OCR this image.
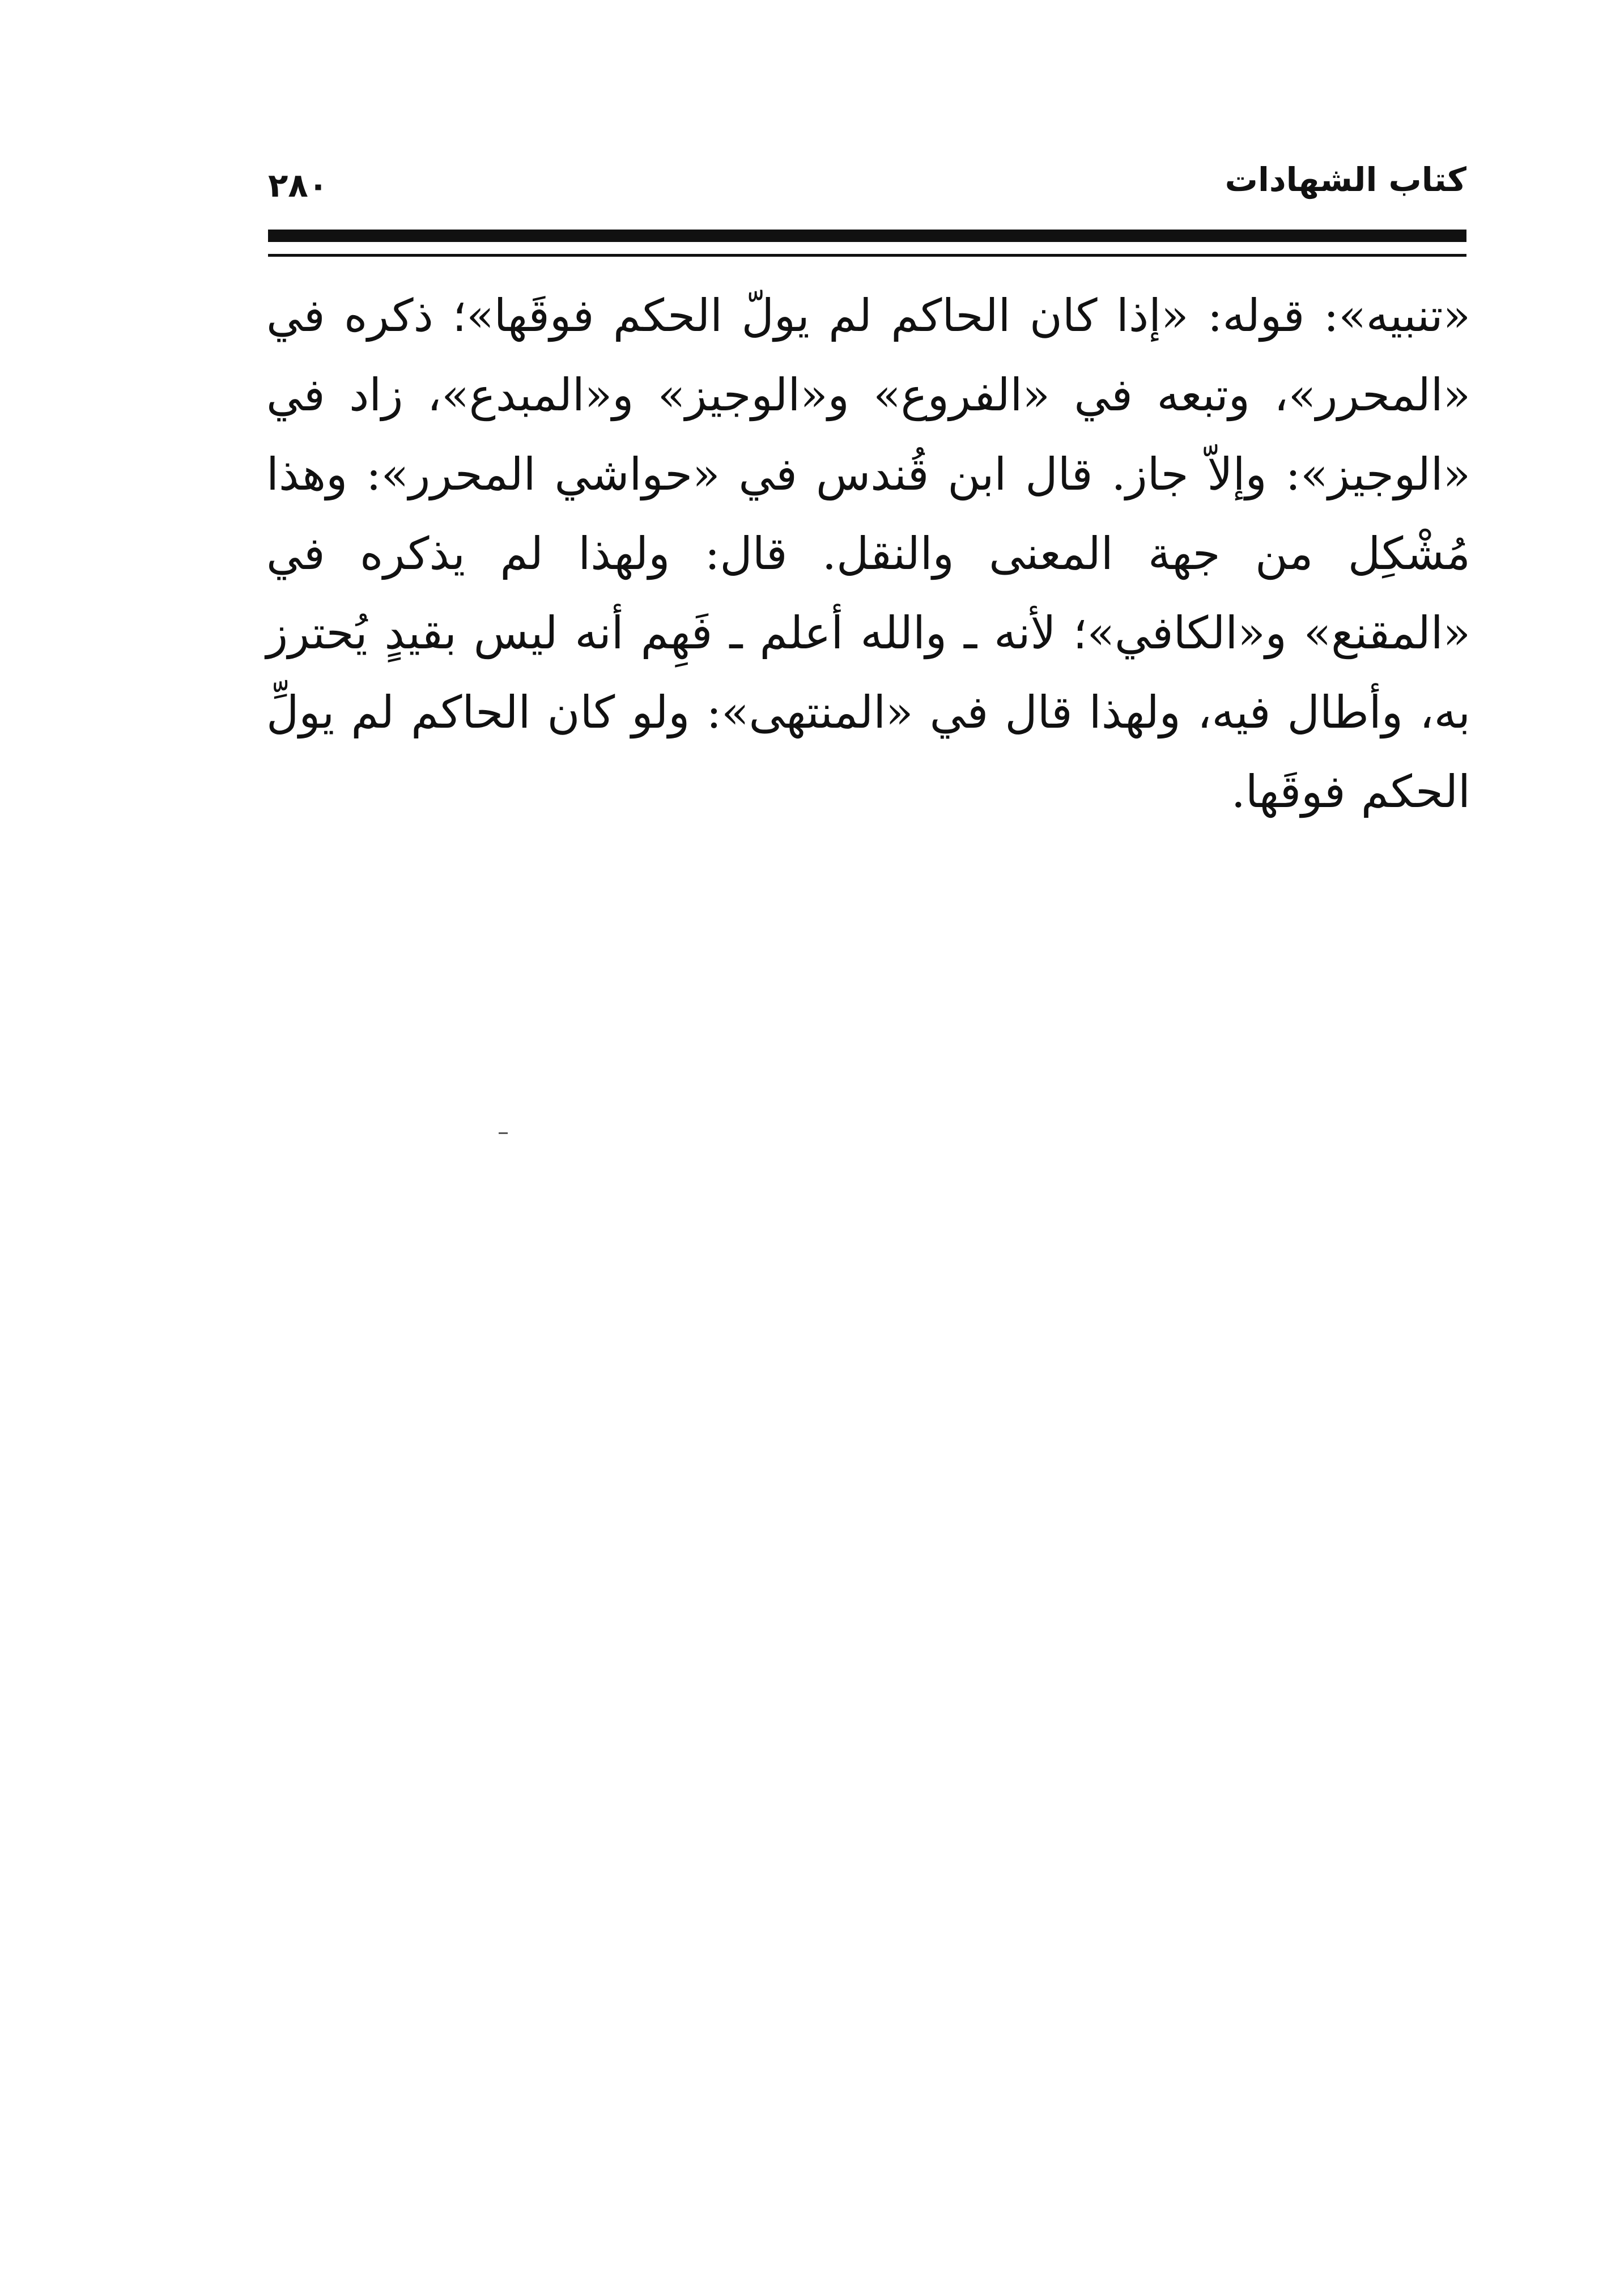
٢٨٠	كتاب الشهادات
«تنبيه»: قوله: «إذا كان الحاكم لم يولّ الحكم فوقَها»؛ ذكره في «المحرر»، وتبعه في «الفروع» و«الوجيز» و«المبدع»، زاد في «الوجيز»: وإلاّ جاز. قال ابن قُندس في «حواشي المحرر»: وهذا مُشْكِل من جهة المعنى والنقل. قال: ولهذا لم يذكره في «المقنع» و«الكافي»؛ لأنه ـ والله أعلم ـ فَهِم أنه ليس بقيدٍ يُحترز به، وأطال فيه، ولهذا قال في «المنتهى»: ولو كان الحاكم لم يولِّ الحكم فوقَها.
